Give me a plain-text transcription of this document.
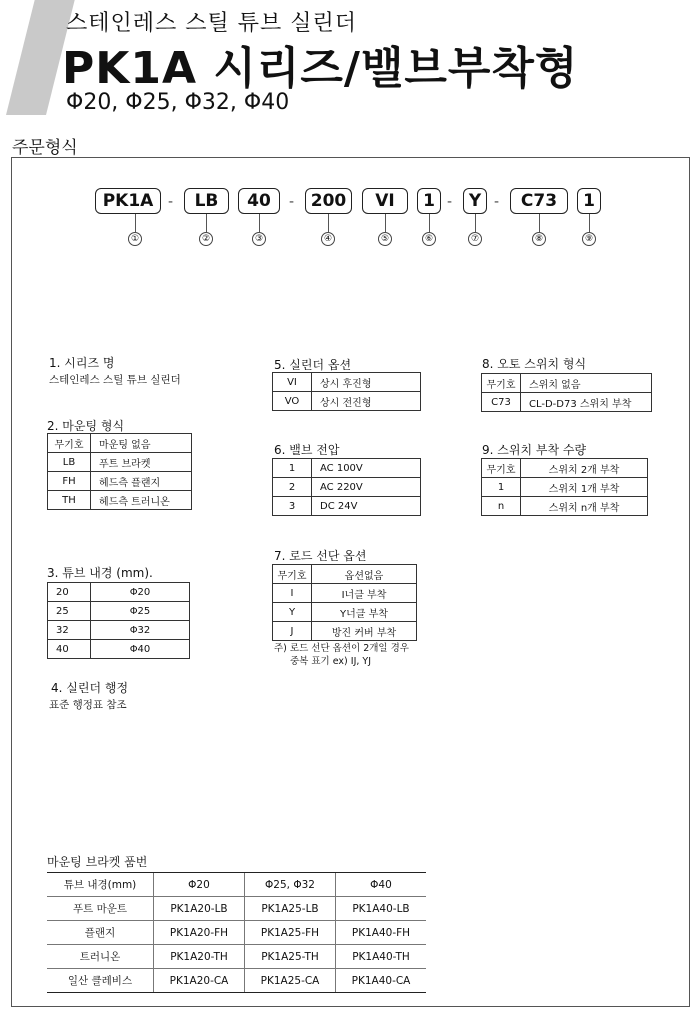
스테인레스 스틸 튜브 실린더
PK1A 시리즈/밸브부착형
Φ20, Φ25, Φ32, Φ40
주문형식
PK1A	-	LB	40	- 200	VI	1 - Y -	C73	1
①	②	③	④	⑤	⑥	⑦	⑧	⑨
1. 시리즈 명
스테인레스 스틸 튜브 실린더
2. 마운팅 형식
무기호	마운팅 없음
LB	푸트 브라켓
FH	헤드측 플랜지
TH	헤드측 트러니온
3. 튜브 내경 (mm).
20	Φ20
25	Φ25
32	Φ32
40	Φ40
4. 실린더 행정
표준 행정표 참조
5. 실린더 옵션
VI	상시 후진형
VO	상시 전진형
6. 밸브 전압
1	AC 100V
2	AC 220V
3	DC 24V
7. 로드 선단 옵션
무기호	옵션없음
I	I너클 부착
Y	Y너클 부착
J	방진 커버 부착
주) 로드 선단 옵션이 2개일 경우
중복 표기 ex) IJ, YJ
8. 오토 스위치 형식
무기호	스위치 없음
C73	CL-D-D73 스위치 부착
9. 스위치 부착 수량
무기호	스위치 2개 부착
1	스위치 1개 부착
n	스위치 n개 부착
마운팅 브라켓 품번
튜브 내경(mm)	Φ20	Φ25, Φ32	Φ40
푸트 마운트	PK1A20-LB	PK1A25-LB	PK1A40-LB
플랜지	PK1A20-FH	PK1A25-FH	PK1A40-FH
트러니온	PK1A20-TH	PK1A25-TH	PK1A40-TH
일산 클레비스	PK1A20-CA	PK1A25-CA	PK1A40-CA
